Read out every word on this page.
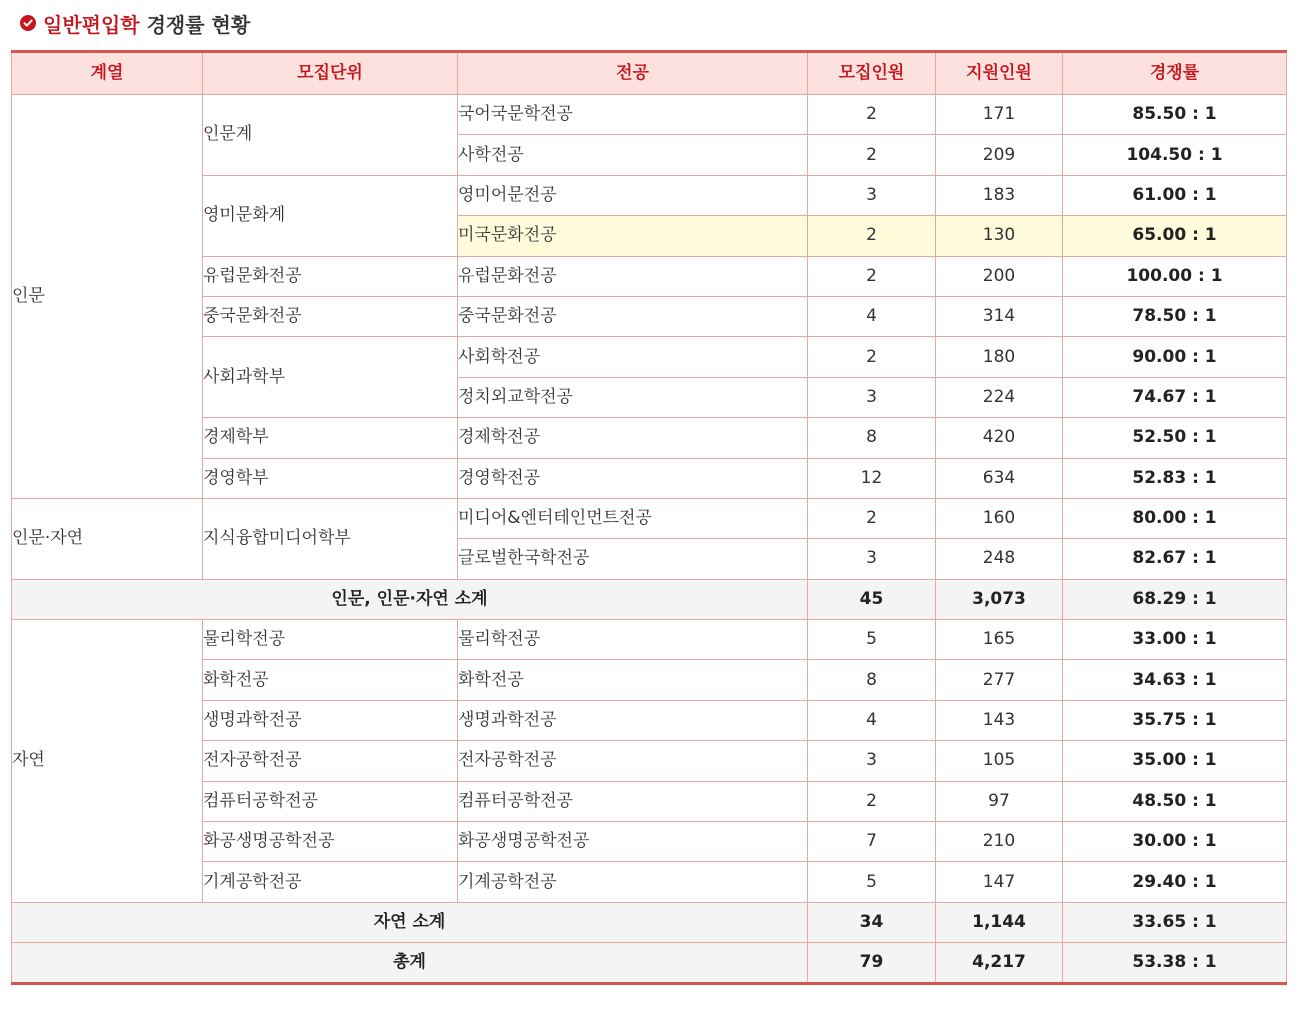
일반편입학 경쟁률 현황
계열	모집단위	전공	모집인원	지원인원	경쟁률
인문	인문계	국어국문학전공	2	171	85.50 : 1
		사학전공	2	209	104.50 : 1
	영미문화계	영미어문전공	3	183	61.00 : 1
		미국문화전공	2	130	65.00 : 1
	유럽문화전공	유럽문화전공	2	200	100.00 : 1
	중국문화전공	중국문화전공	4	314	78.50 : 1
	사회과학부	사회학전공	2	180	90.00 : 1
		정치외교학전공	3	224	74.67 : 1
	경제학부	경제학전공	8	420	52.50 : 1
	경영학부	경영학전공	12	634	52.83 : 1
인문·자연	지식융합미디어학부	미디어&엔터테인먼트전공	2	160	80.00 : 1
		글로벌한국학전공	3	248	82.67 : 1
인문, 인문·자연 소계			45	3,073	68.29 : 1
자연	물리학전공	물리학전공	5	165	33.00 : 1
	화학전공	화학전공	8	277	34.63 : 1
	생명과학전공	생명과학전공	4	143	35.75 : 1
	전자공학전공	전자공학전공	3	105	35.00 : 1
	컴퓨터공학전공	컴퓨터공학전공	2	97	48.50 : 1
	화공생명공학전공	화공생명공학전공	7	210	30.00 : 1
	기계공학전공	기계공학전공	5	147	29.40 : 1
자연 소계			34	1,144	33.65 : 1
총계			79	4,217	53.38 : 1
